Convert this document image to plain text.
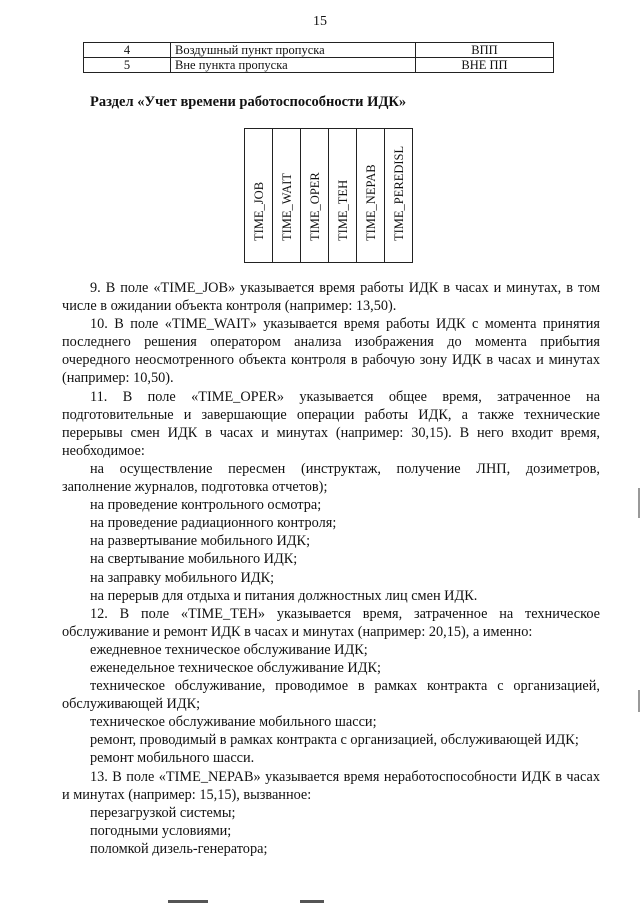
15
4	Воздушный пункт пропуска	ВПП
5	Вне пункта пропуска	ВНЕ ПП
Раздел «Учет времени работоспособности ИДК»
TIME_JOB	TIME_WAIT	TIME_OPER	TIME_TEH	TIME_NEPAB	TIME_PEREDISL

9. В поле «TIME_JOB» указывается время работы ИДК в часах и минутах, в том числе в ожидании объекта контроля (например: 13,50).

10. В поле «TIME_WAIT» указывается время работы ИДК с момента принятия последнего решения оператором анализа изображения до момента прибытия очередного неосмотренного объекта контроля в рабочую зону ИДК в часах и минутах (например: 10,50).

11. В поле «TIME_OPER» указывается общее время, затраченное на подготовительные и завершающие операции работы ИДК, а также технические перерывы смен ИДК в часах и минутах (например: 30,15). В него входит время, необходимое:

на осуществление пересмен (инструктаж, получение ЛНП, дозиметров, заполнение журналов, подготовка отчетов);

на проведение контрольного осмотра;

на проведение радиационного контроля;

на развертывание мобильного ИДК;

на свертывание мобильного ИДК;

на заправку мобильного ИДК;

на перерыв для отдыха и питания должностных лиц смен ИДК.

12. В поле «TIME_TEH» указывается время, затраченное на техническое обслуживание и ремонт ИДК в часах и минутах (например: 20,15), а именно:

ежедневное техническое обслуживание ИДК;

еженедельное техническое обслуживание ИДК;

техническое обслуживание, проводимое в рамках контракта с организацией, обслуживающей ИДК;

техническое обслуживание мобильного шасси;

ремонт, проводимый в рамках контракта с организацией, обслуживающей ИДК;

ремонт мобильного шасси.

13. В поле «TIME_NEPAB» указывается время неработоспособности ИДК в часах и минутах (например: 15,15), вызванное:

перезагрузкой системы;

погодными условиями;

поломкой дизель-генератора;
